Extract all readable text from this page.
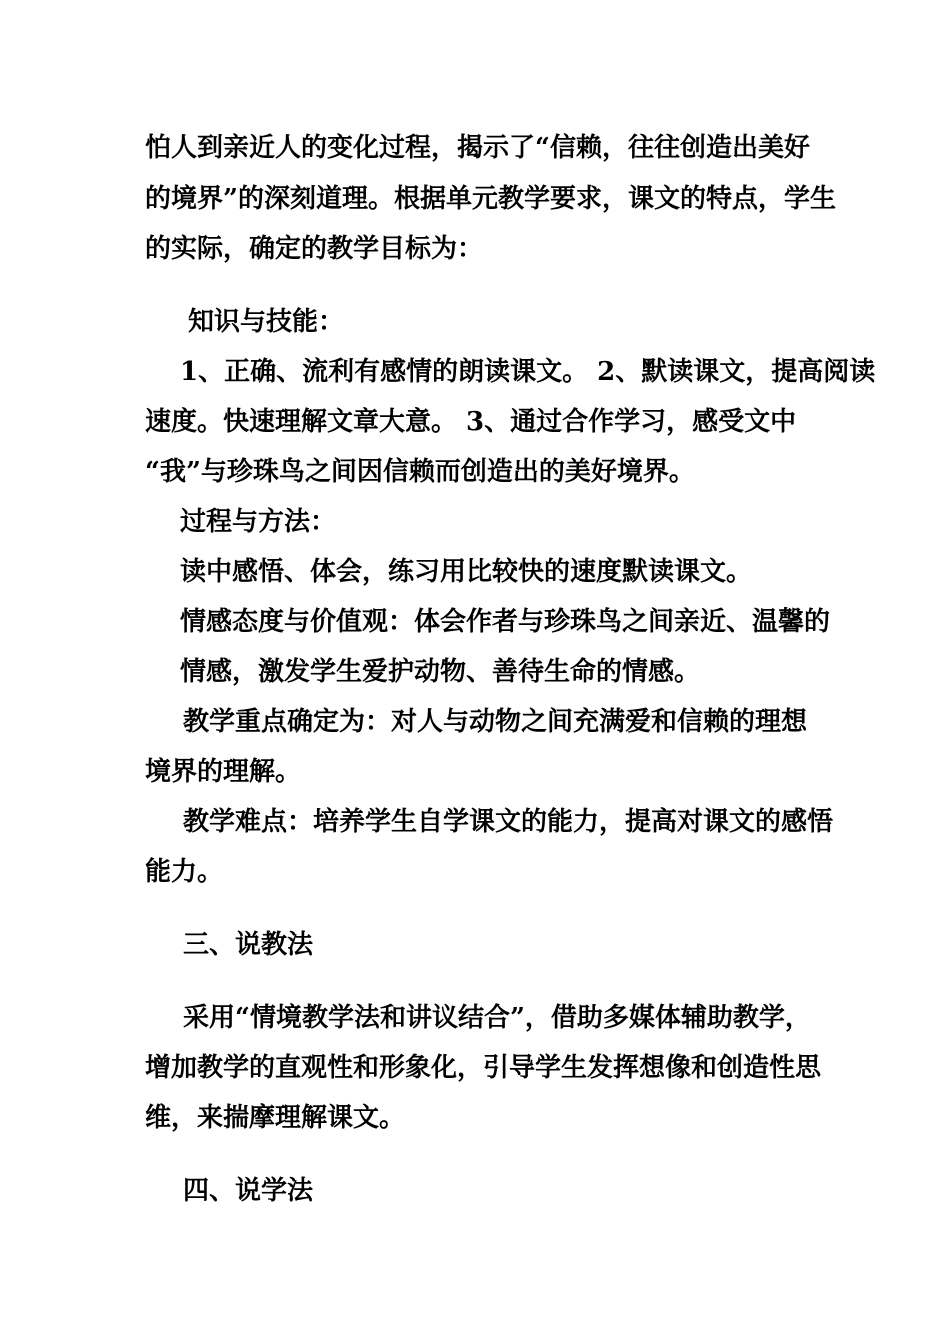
怕人到亲近人的变化过程，揭示了“信赖，往往创造出美好
的境界”的深刻道理。根据单元教学要求，课文的特点，学生
的实际，确定的教学目标为：
知识与技能：
1、正确、流利有感情的朗读课文。 2、默读课文，提高阅读
速度。快速理解文章大意。 3、通过合作学习，感受文中
“我”与珍珠鸟之间因信赖而创造出的美好境界。
过程与方法：
读中感悟、体会，练习用比较快的速度默读课文。
情感态度与价值观：体会作者与珍珠鸟之间亲近、温馨的
情感，激发学生爱护动物、善待生命的情感。
教学重点确定为：对人与动物之间充满爱和信赖的理想
境界的理解。
教学难点：培养学生自学课文的能力，提高对课文的感悟
能力。
三、说教法
采用“情境教学法和讲议结合”，借助多媒体辅助教学，
增加教学的直观性和形象化，引导学生发挥想像和创造性思
维，来揣摩理解课文。
四、说学法
